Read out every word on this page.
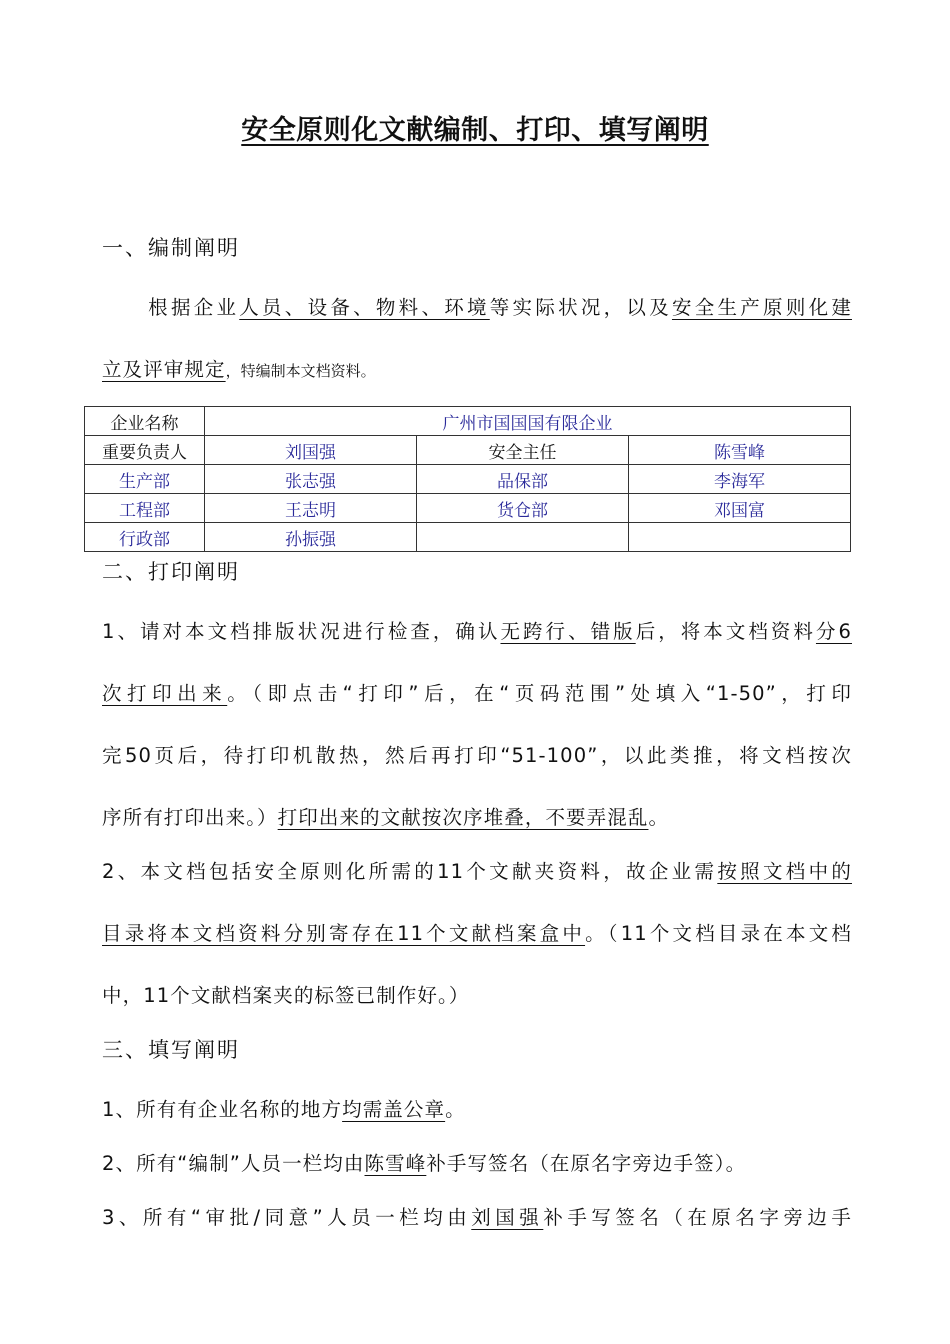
安全原则化文献编制、打印、填写阐明
一、编制阐明
根据企业人员、设备、物料、环境等实际状况，以及安全生产原则化建
立及评审规定，特编制本文档资料。
企业名称	广州市国国国有限企业		
重要负责人	刘国强	安全主任	陈雪峰
生产部	张志强	品保部	李海军
工程部	王志明	货仓部	邓国富
行政部	孙振强		
二、打印阐明
1、请对本文档排版状况进行检查，确认无跨行、错版后，将本文档资料分6
次打印出来。（即点击“打印”后，在“页码范围”处填入“1-50”，打印
完50页后，待打印机散热，然后再打印“51-100”，以此类推，将文档按次
序所有打印出来。）打印出来的文献按次序堆叠，不要弄混乱。
2、本文档包括安全原则化所需的11个文献夹资料，故企业需按照文档中的
目录将本文档资料分别寄存在11个文献档案盒中。（11个文档目录在本文档
中，11个文献档案夹的标签已制作好。）
三、填写阐明
1、所有有企业名称的地方均需盖公章。
2、所有“编制”人员一栏均由陈雪峰补手写签名（在原名字旁边手签）。
3、所有“审批/同意”人员一栏均由刘国强补手写签名（在原名字旁边手
